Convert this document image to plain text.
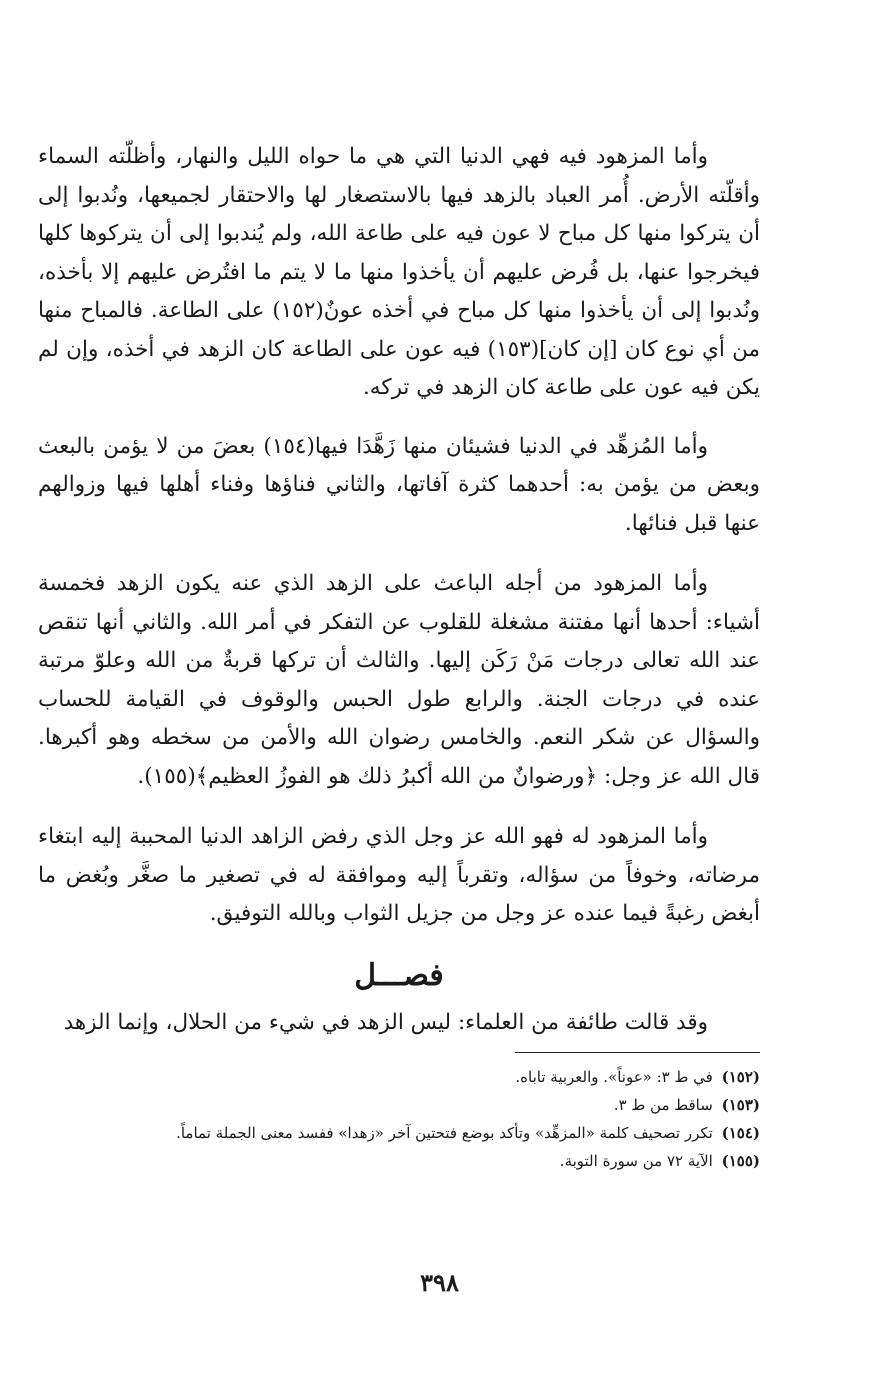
وأما المزهود فيه فهي الدنيا التي هي ما حواه الليل والنهار، وأظلّته السماء وأقلّته الأرض. أُمر العباد بالزهد فيها بالاستصغار لها والاحتقار لجميعها، ونُدبوا إلى أن يتركوا منها كل مباح لا عون فيه على طاعة الله، ولم يُندبوا إلى أن يتركوها كلها فيخرجوا عنها، بل فُرض عليهم أن يأخذوا منها ما لا يتم ما افتُرض عليهم إلا بأخذه، ونُدبوا إلى أن يأخذوا منها كل مباح في أخذه عونٌ(١٥٢) على الطاعة. فالمباح منها من أي نوع كان [إن كان](١٥٣) فيه عون على الطاعة كان الزهد في أخذه، وإن لم يكن فيه عون على طاعة كان الزهد في تركه.

وأما المُزهِّد في الدنيا فشيئان منها زَهَّدَا فيها(١٥٤) بعضَ من لا يؤمن بالبعث وبعض من يؤمن به: أحدهما كثرة آفاتها، والثاني فناؤها وفناء أهلها فيها وزوالهم عنها قبل فنائها.

وأما المزهود من أجله الباعث على الزهد الذي عنه يكون الزهد فخمسة أشياء: أحدها أنها مفتنة مشغلة للقلوب عن التفكر في أمر الله. والثاني أنها تنقص عند الله تعالى درجات مَنْ رَكَن إليها. والثالث أن تركها قربةٌ من الله وعلوّ مرتبة عنده في درجات الجنة. والرابع طول الحبس والوقوف في القيامة للحساب والسؤال عن شكر النعم. والخامس رضوان الله والأمن من سخطه وهو أكبرها. قال الله عز وجل: ﴿ورضوانٌ من الله أكبرُ ذلك هو الفوزُ العظيم﴾(١٥٥).

وأما المزهود له فهو الله عز وجل الذي رفض الزاهد الدنيا المحببة إليه ابتغاء مرضاته، وخوفاً من سؤاله، وتقرباً إليه وموافقة له في تصغير ما صغَّر وبُغض ما أبغض رغبةً فيما عنده عز وجل من جزيل الثواب وبالله التوفيق.

فصـــل

وقد قالت طائفة من العلماء: ليس الزهد في شيء من الحلال، وإنما الزهد

(١٥٢) في ط ٣: «عوناً». والعربية تاباه.
(١٥٣) ساقط من ط ٣.
(١٥٤) تكرر تصحيف كلمة «المزهِّد» وتأكد بوضع فتحتين آخر «زهدا» ففسد معنى الجملة تماماً.
(١٥٥) الآية ٧٢ من سورة التوبة.
٣٩٨
